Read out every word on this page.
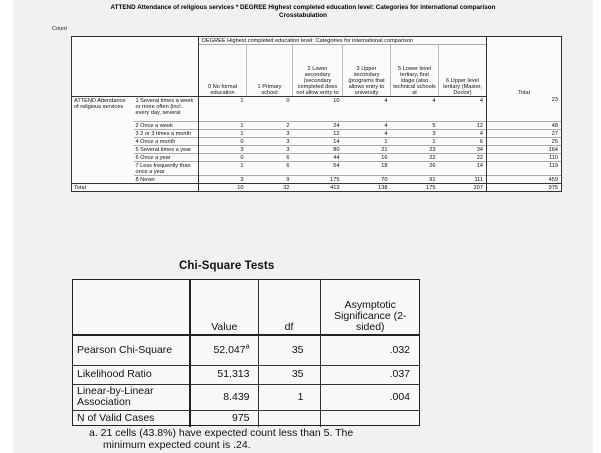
ATTEND Attendance of religious services * DEGREE Highest completed education level: Categories for international comparison
Crosstabulation
Count
		DEGREE Highest completed education level: Categories for international comparison						Total
		0 No formal education	1 Primary school	2 Lower secondary (secondary completed does not allow entry to	3 Upper secondary (programs that allows entry to university	5 Lower level tertiary, first stage (also technical schools at	6 Upper level tertiary (Master, Doctor)	
ATTEND Attendance of religious services	1 Several times a week or more often (incl. every day, several	1	0	10	4	4	4	23
	2 Once a week	1	2	24	4	5	12	48
	3 2 or 3 times a month	1	3	12	4	3	4	27
	4 Once a month	0	3	14	1	1	6	25
	5 Several times a year	3	3	80	21	23	34	164
	6 Once a year	0	6	44	16	22	22	110
	7 Less frequently than once a year	1	6	54	18	26	14	119
	8 Never	3	9	175	70	91	111	459
Total		10	32	413	138	175	207	975
Chi-Square Tests
	Value	df	Asymptotic Significance (2-sided)
Pearson Chi-Square	52.047$^a$	35	.032
Likelihood Ratio	51.313	35	.037
Linear-by-Linear Association	8.439	1	.004
N of Valid Cases	975		
a. 21 cells (43.8%) have expected count less than 5. The
minimum expected count is .24.
